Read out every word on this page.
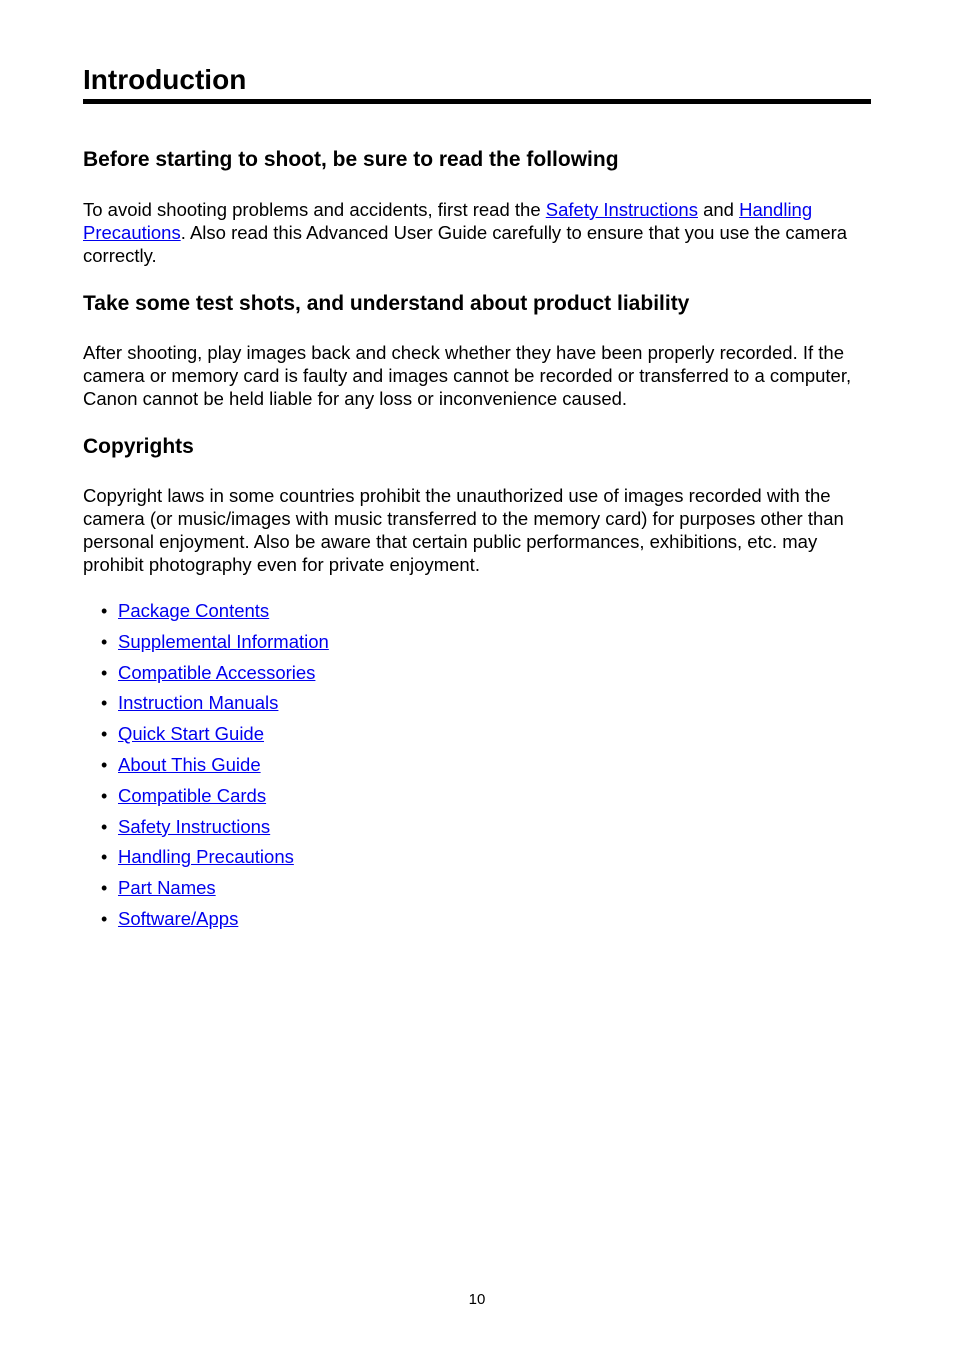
Introduction
Before starting to shoot, be sure to read the following

To avoid shooting problems and accidents, first read the Safety Instructions and Handling Precautions. Also read this Advanced User Guide carefully to ensure that you use the camera correctly.

Take some test shots, and understand about product liability

After shooting, play images back and check whether they have been properly recorded. If the camera or memory card is faulty and images cannot be recorded or transferred to a computer, Canon cannot be held liable for any loss or inconvenience caused.

Copyrights

Copyright laws in some countries prohibit the unauthorized use of images recorded with the camera (or music/images with music transferred to the memory card) for purposes other than personal enjoyment. Also be aware that certain public performances, exhibitions, etc. may prohibit photography even for private enjoyment.

• Package Contents
• Supplemental Information
• Compatible Accessories
• Instruction Manuals
• Quick Start Guide
• About This Guide
• Compatible Cards
• Safety Instructions
• Handling Precautions
• Part Names
• Software/Apps
10
